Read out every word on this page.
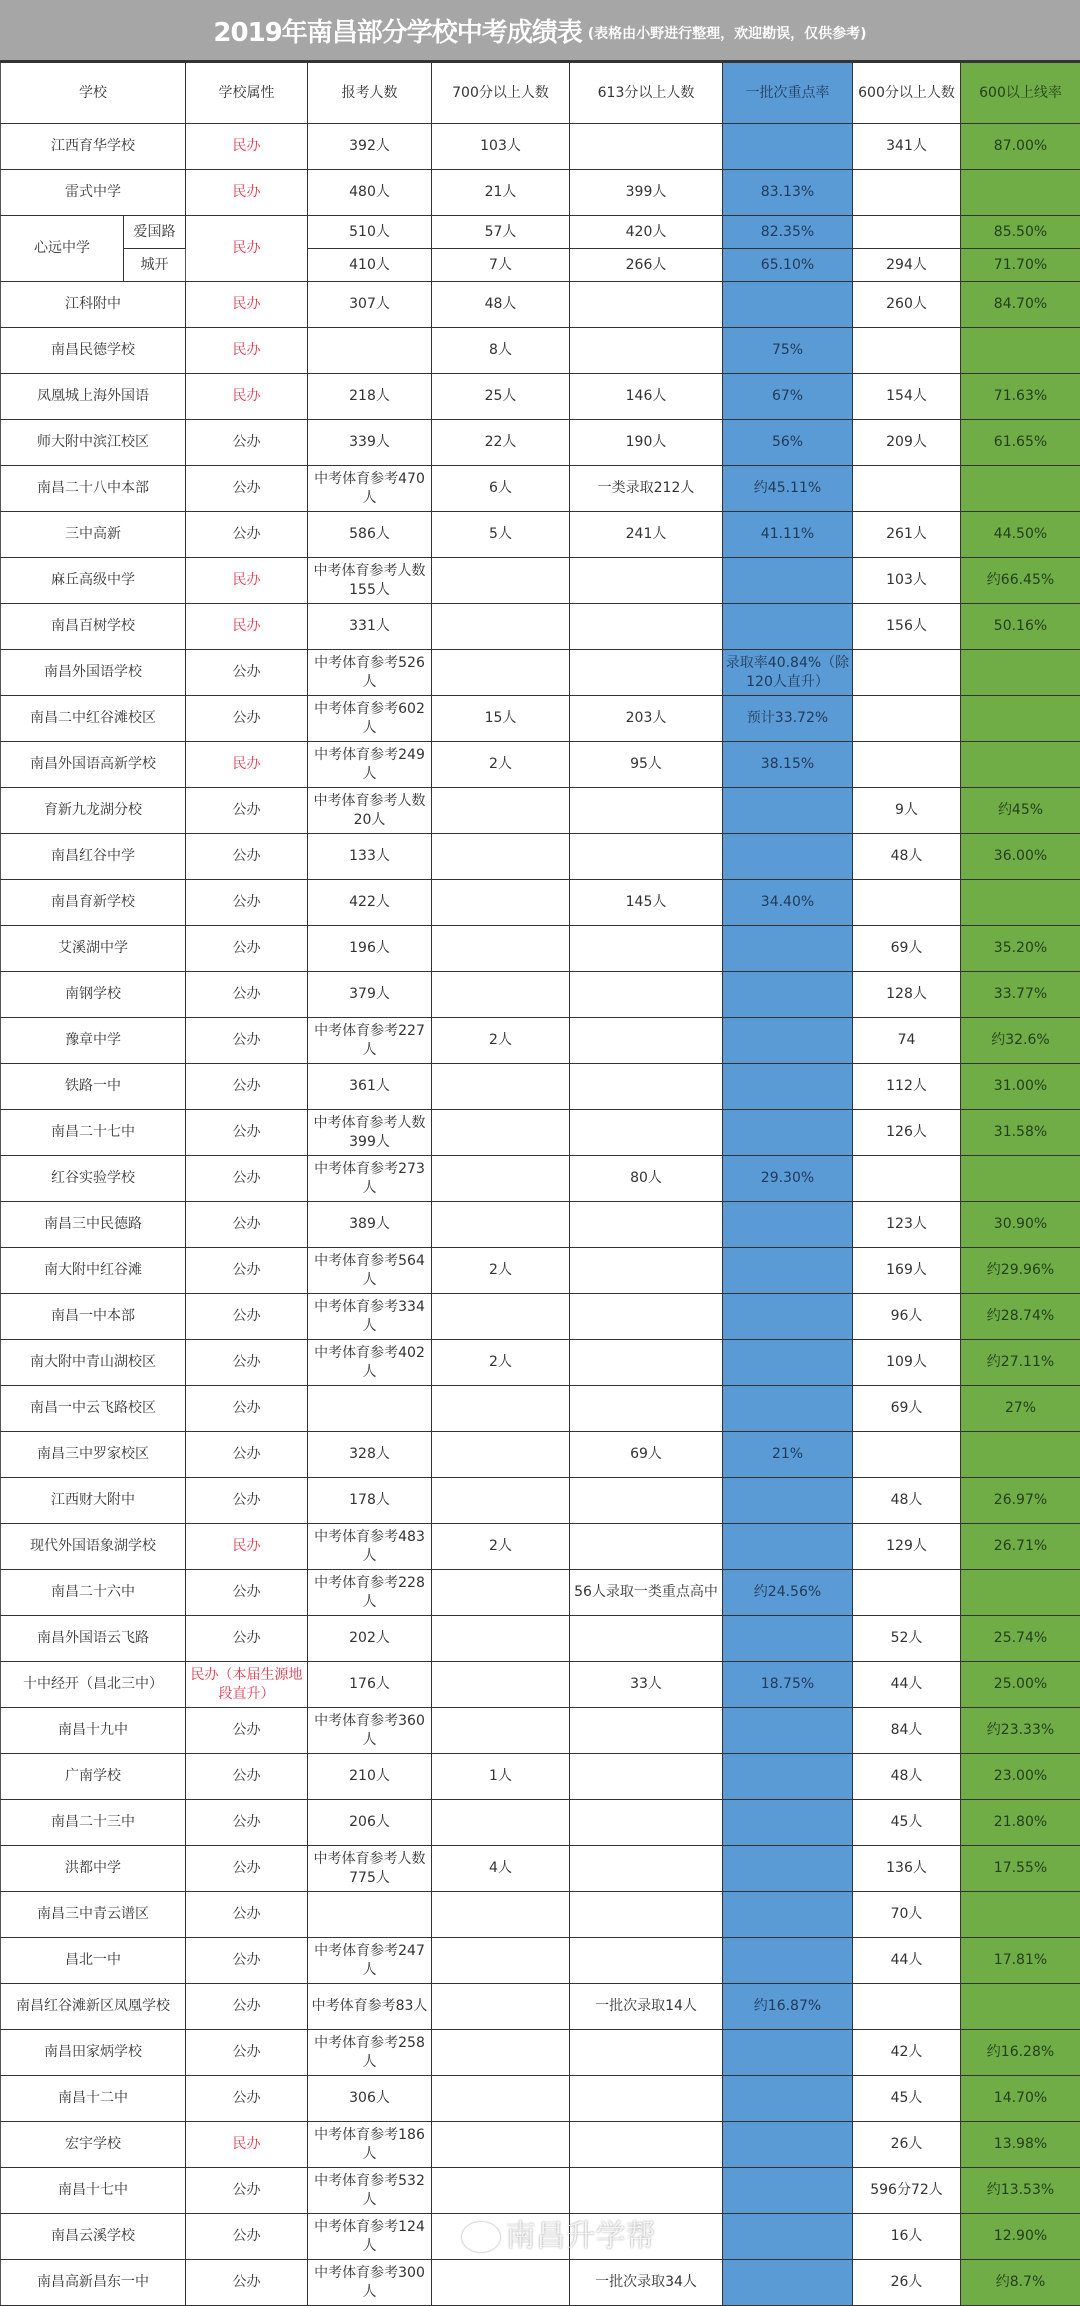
2019年南昌部分学校中考成绩表 (表格由小野进行整理，欢迎勘误，仅供参考)
学校		学校属性	报考人数	700分以上人数	613分以上人数	一批次重点率	600分以上人数	600以上线率
江西育华学校		民办	392人	103人			341人	87.00%
雷式中学		民办	480人	21人	399人	83.13%		
心远中学	爱国路	民办	510人	57人	420人	82.35%		85.50%
	城开		410人	7人	266人	65.10%	294人	71.70%
江科附中		民办	307人	48人			260人	84.70%
南昌民德学校		民办		8人		75%		
凤凰城上海外国语		民办	218人	25人	146人	67%	154人	71.63%
师大附中滨江校区		公办	339人	22人	190人	56%	209人	61.65%
南昌二十八中本部		公办	中考体育参考470人	6人	一类录取212人	约45.11%		
三中高新		公办	586人	5人	241人	41.11%	261人	44.50%
麻丘高级中学		民办	中考体育参考人数155人				103人	约66.45%
南昌百树学校		民办	331人				156人	50.16%
南昌外国语学校		公办	中考体育参考526人			录取率40.84%（除120人直升）		
南昌二中红谷滩校区		公办	中考体育参考602人	15人	203人	预计33.72%		
南昌外国语高新学校		民办	中考体育参考249人	2人	95人	38.15%		
育新九龙湖分校		公办	中考体育参考人数20人				9人	约45%
南昌红谷中学		公办	133人				48人	36.00%
南昌育新学校		公办	422人		145人	34.40%		
艾溪湖中学		公办	196人				69人	35.20%
南钢学校		公办	379人				128人	33.77%
豫章中学		公办	中考体育参考227人	2人			74	约32.6%
铁路一中		公办	361人				112人	31.00%
南昌二十七中		公办	中考体育参考人数399人				126人	31.58%
红谷实验学校		公办	中考体育参考273人		80人	29.30%		
南昌三中民德路		公办	389人				123人	30.90%
南大附中红谷滩		公办	中考体育参考564人	2人			169人	约29.96%
南昌一中本部		公办	中考体育参考334人				96人	约28.74%
南大附中青山湖校区		公办	中考体育参考402人	2人			109人	约27.11%
南昌一中云飞路校区		公办					69人	27%
南昌三中罗家校区		公办	328人		69人	21%		
江西财大附中		公办	178人				48人	26.97%
现代外国语象湖学校		民办	中考体育参考483人	2人			129人	26.71%
南昌二十六中		公办	中考体育参考228人		56人录取一类重点高中	约24.56%		
南昌外国语云飞路		公办	202人				52人	25.74%
十中经开（昌北三中）		民办（本届生源地段直升）	176人		33人	18.75%	44人	25.00%
南昌十九中		公办	中考体育参考360人				84人	约23.33%
广南学校		公办	210人	1人			48人	23.00%
南昌二十三中		公办	206人				45人	21.80%
洪都中学		公办	中考体育参考人数775人	4人			136人	17.55%
南昌三中青云谱区		公办					70人	
昌北一中		公办	中考体育参考247人				44人	17.81%
南昌红谷滩新区凤凰学校		公办	中考体育参考83人		一批次录取14人	约16.87%		
南昌田家炳学校		公办	中考体育参考258人				42人	约16.28%
南昌十二中		公办	306人				45人	14.70%
宏宇学校		民办	中考体育参考186人				26人	13.98%
南昌十七中		公办	中考体育参考532人				596分72人	约13.53%
南昌云溪学校		公办	中考体育参考124人				16人	12.90%
南昌高新昌东一中		公办	中考体育参考300人		一批次录取34人		26人	约8.7%
南昌升学帮
